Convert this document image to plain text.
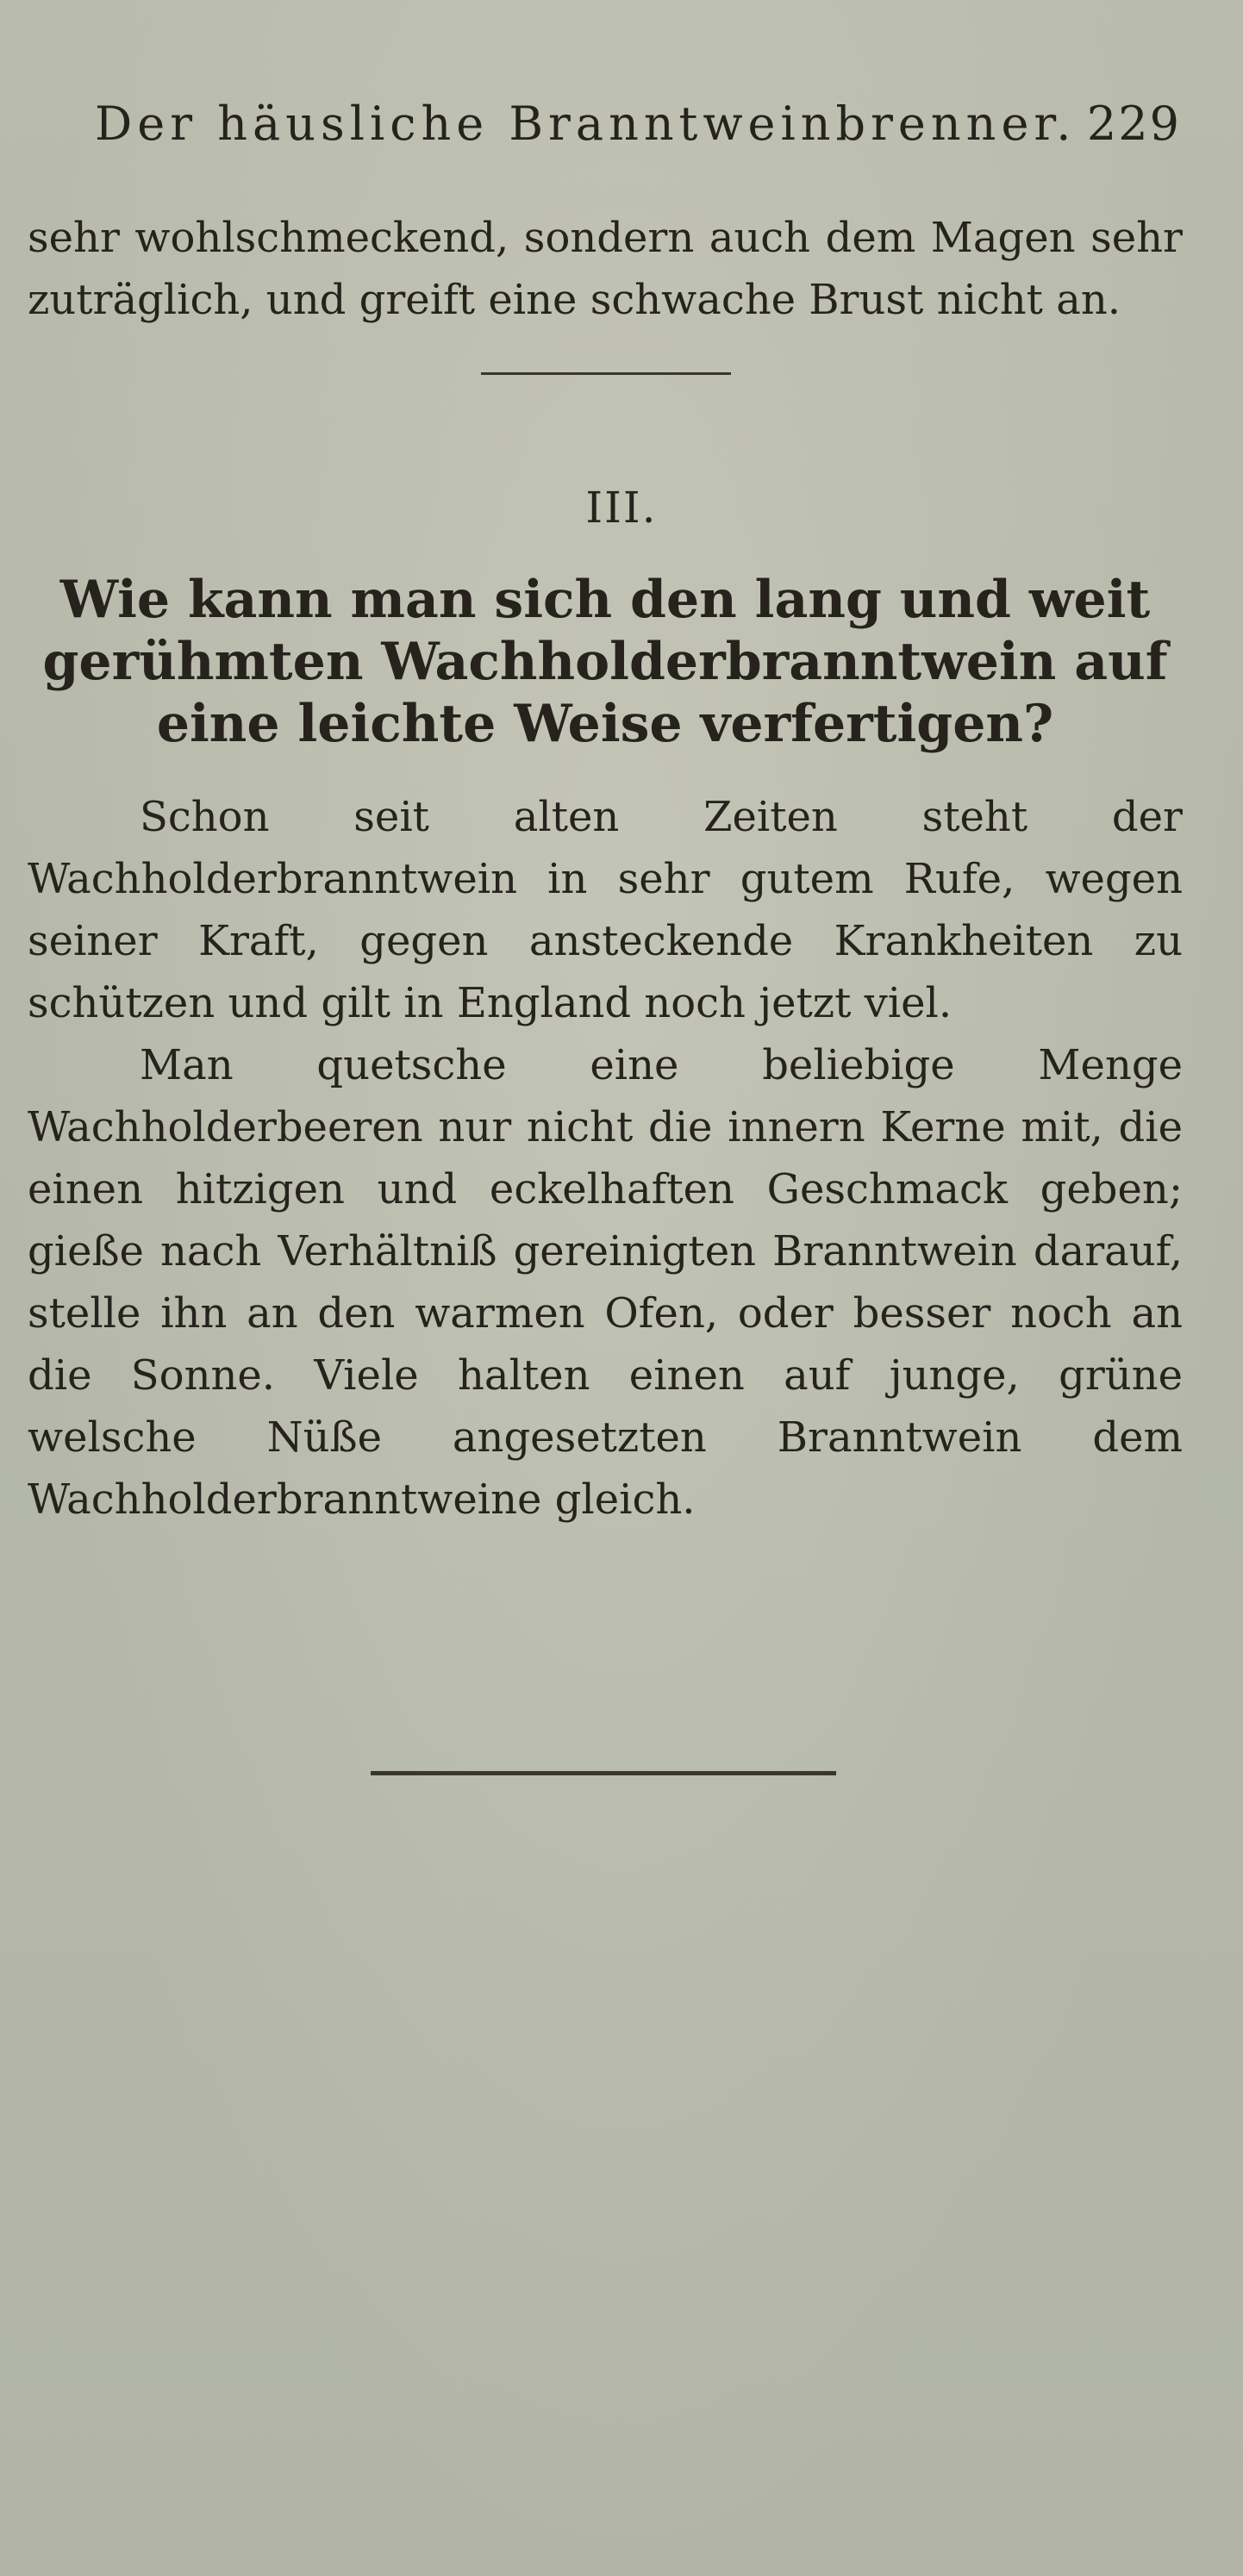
Der häusliche Branntweinbrenner. 229

sehr wohlschmeckend, sondern auch dem Magen sehr zuträglich, und greift eine schwache Brust nicht an.

III.
Wie kann man sich den lang und weit gerühmten Wachholderbranntwein auf eine leichte Weise verfertigen?

Schon seit alten Zeiten steht der Wachholderbranntwein in sehr gutem Rufe, wegen seiner Kraft, gegen ansteckende Krankheiten zu schützen und gilt in England noch jetzt viel.

Man quetsche eine beliebige Menge Wachholderbeeren nur nicht die innern Kerne mit, die einen hitzigen und eckelhaften Geschmack geben; gieße nach Verhältniß gereinigten Branntwein darauf, stelle ihn an den warmen Ofen, oder besser noch an die Sonne. Viele halten einen auf junge, grüne welsche Nüße angesetzten Branntwein dem Wachholderbranntweine gleich.
